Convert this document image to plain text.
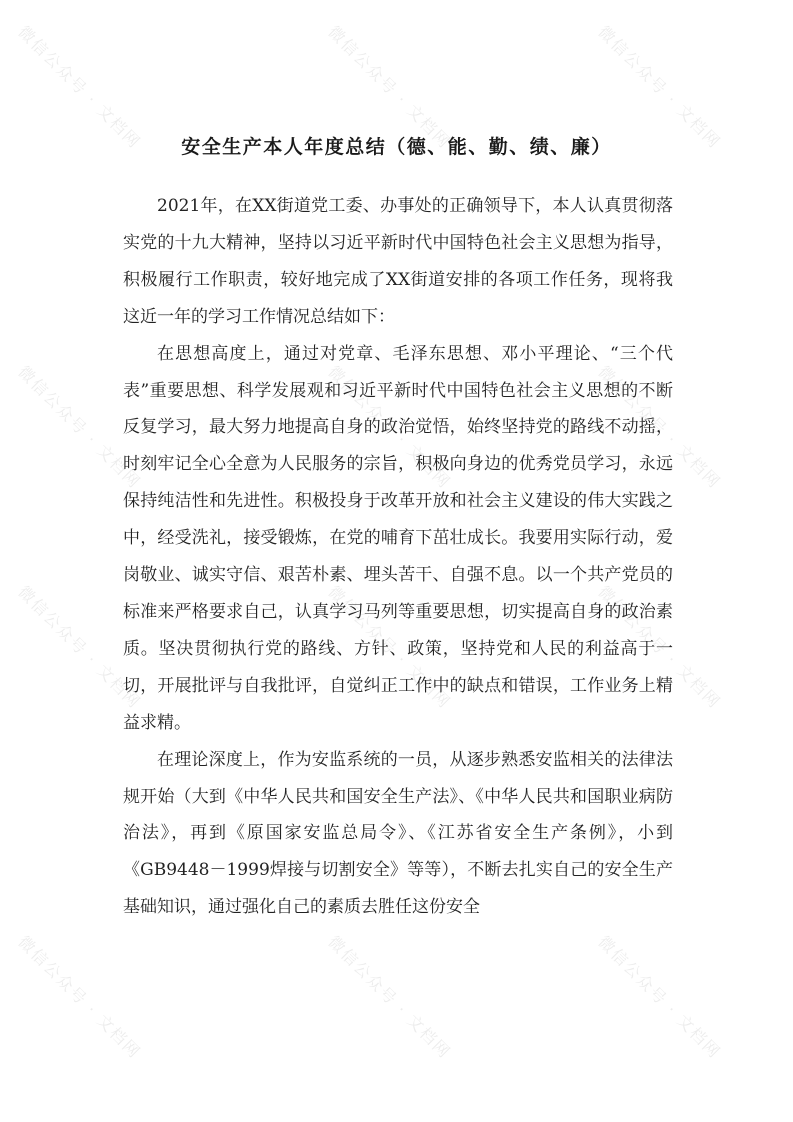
微信公众号 · 文档网	微信公众号 · 文档网	微信公众号 · 文档网
微信公众号 · 文档网	微信公众号 · 文档网	微信公众号 · 文档网
微信公众号 · 文档网	微信公众号 · 文档网	微信公众号 · 文档网
微信公众号 · 文档网	微信公众号 · 文档网	微信公众号 · 文档网
安全生产本人年度总结（德、能、勤、绩、廉）

2021年，在XX街道党工委、办事处的正确领导下，本人认真贯彻落实党的十九大精神，坚持以习近平新时代中国特色社会主义思想为指导，积极履行工作职责，较好地完成了XX街道安排的各项工作任务，现将我这近一年的学习工作情况总结如下：

在思想高度上，通过对党章、毛泽东思想、邓小平理论、“三个代表”重要思想、科学发展观和习近平新时代中国特色社会主义思想的不断反复学习，最大努力地提高自身的政治觉悟，始终坚持党的路线不动摇，时刻牢记全心全意为人民服务的宗旨，积极向身边的优秀党员学习，永远保持纯洁性和先进性。积极投身于改革开放和社会主义建设的伟大实践之中，经受洗礼，接受锻炼，在党的哺育下茁壮成长。我要用实际行动，爱岗敬业、诚实守信、艰苦朴素、埋头苦干、自强不息。以一个共产党员的标准来严格要求自己，认真学习马列等重要思想，切实提高自身的政治素质。坚决贯彻执行党的路线、方针、政策，坚持党和人民的利益高于一切，开展批评与自我批评，自觉纠正工作中的缺点和错误，工作业务上精益求精。

在理论深度上，作为安监系统的一员，从逐步熟悉安监相关的法律法规开始（大到《中华人民共和国安全生产法》、《中华人民共和国职业病防治法》，再到《原国家安监总局令》、《江苏省安全生产条例》，小到《GB9448－1999焊接与切割安全》等等），不断去扎实自己的安全生产基础知识，通过强化自己的素质去胜任这份安全
